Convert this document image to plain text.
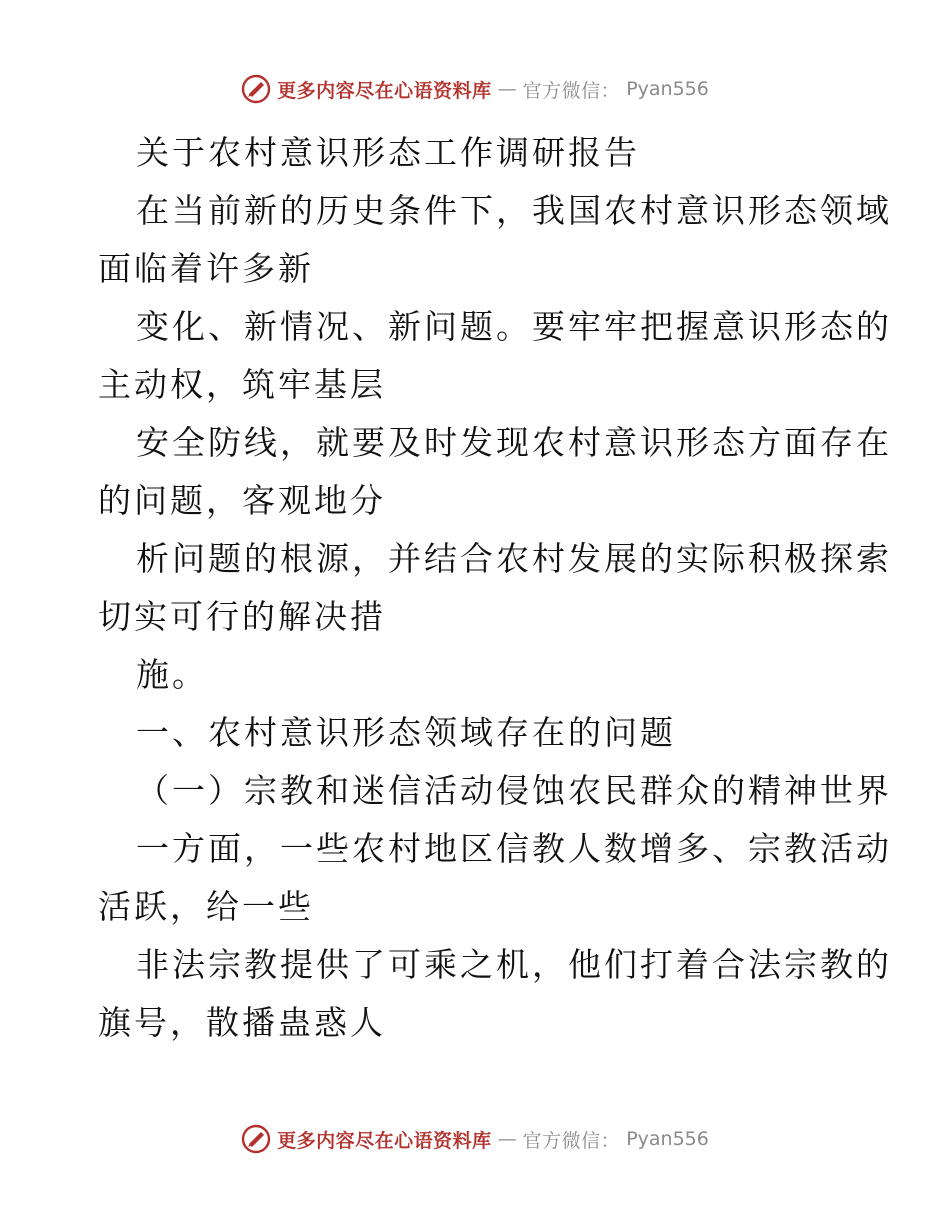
更多内容尽在心语资料库 — 官方微信： Pyan556
关于农村意识形态工作调研报告
在当前新的历史条件下，我国农村意识形态领域
面临着许多新
变化、新情况、新问题。要牢牢把握意识形态的
主动权，筑牢基层
安全防线，就要及时发现农村意识形态方面存在
的问题，客观地分
析问题的根源，并结合农村发展的实际积极探索
切实可行的解决措
施。
一、农村意识形态领域存在的问题
（一）宗教和迷信活动侵蚀农民群众的精神世界
一方面，一些农村地区信教人数增多、宗教活动
活跃，给一些
非法宗教提供了可乘之机，他们打着合法宗教的
旗号，散播蛊惑人
更多内容尽在心语资料库 — 官方微信： Pyan556
